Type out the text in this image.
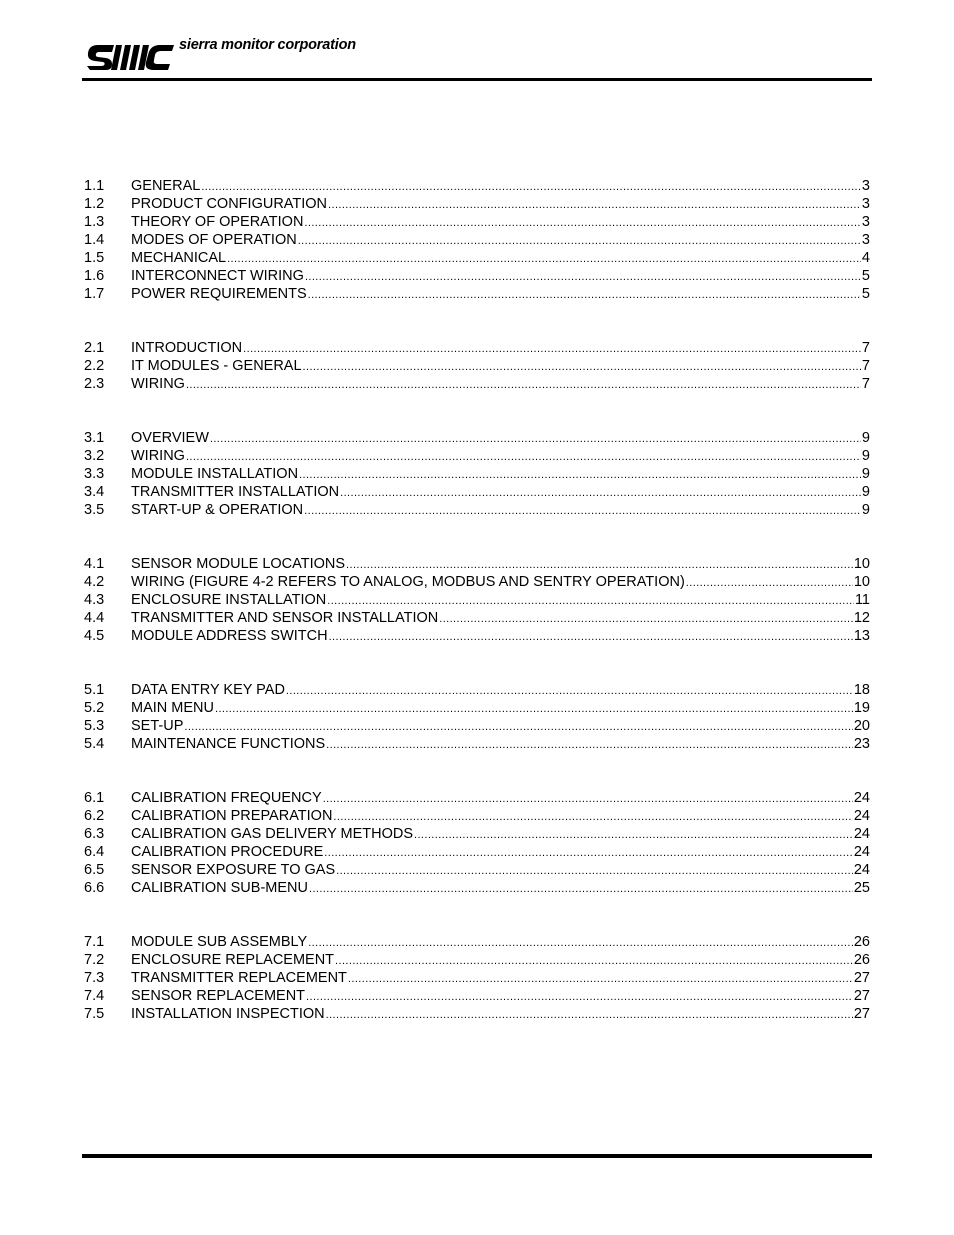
sierra monitor corporation
1.1	GENERAL .....	3
1.2	PRODUCT CONFIGURATION .....	3
1.3	THEORY OF OPERATION .....	3
1.4	MODES OF OPERATION .....	3
1.5	MECHANICAL .....	4
1.6	INTERCONNECT WIRING .....	5
1.7	POWER REQUIREMENTS .....	5
2.1	INTRODUCTION .....	7
2.2	IT MODULES - GENERAL .....	7
2.3	WIRING .....	7
3.1	OVERVIEW .....	9
3.2	WIRING .....	9
3.3	MODULE INSTALLATION .....	9
3.4	TRANSMITTER INSTALLATION .....	9
3.5	START-UP & OPERATION .....	9
4.1	SENSOR MODULE LOCATIONS .....	10
4.2	WIRING (FIGURE 4-2 REFERS TO ANALOG, MODBUS AND SENTRY OPERATION) .....	10
4.3	ENCLOSURE INSTALLATION .....	11
4.4	TRANSMITTER AND SENSOR INSTALLATION .....	12
4.5	MODULE ADDRESS SWITCH .....	13
5.1	DATA ENTRY KEY PAD .....	18
5.2	MAIN MENU .....	19
5.3	SET-UP .....	20
5.4	MAINTENANCE FUNCTIONS .....	23
6.1	CALIBRATION FREQUENCY .....	24
6.2	CALIBRATION PREPARATION .....	24
6.3	CALIBRATION GAS DELIVERY METHODS .....	24
6.4	CALIBRATION PROCEDURE .....	24
6.5	SENSOR EXPOSURE TO GAS .....	24
6.6	CALIBRATION SUB-MENU .....	25
7.1	MODULE SUB ASSEMBLY .....	26
7.2	ENCLOSURE REPLACEMENT .....	26
7.3	TRANSMITTER REPLACEMENT .....	27
7.4	SENSOR REPLACEMENT .....	27
7.5	INSTALLATION INSPECTION .....	27
